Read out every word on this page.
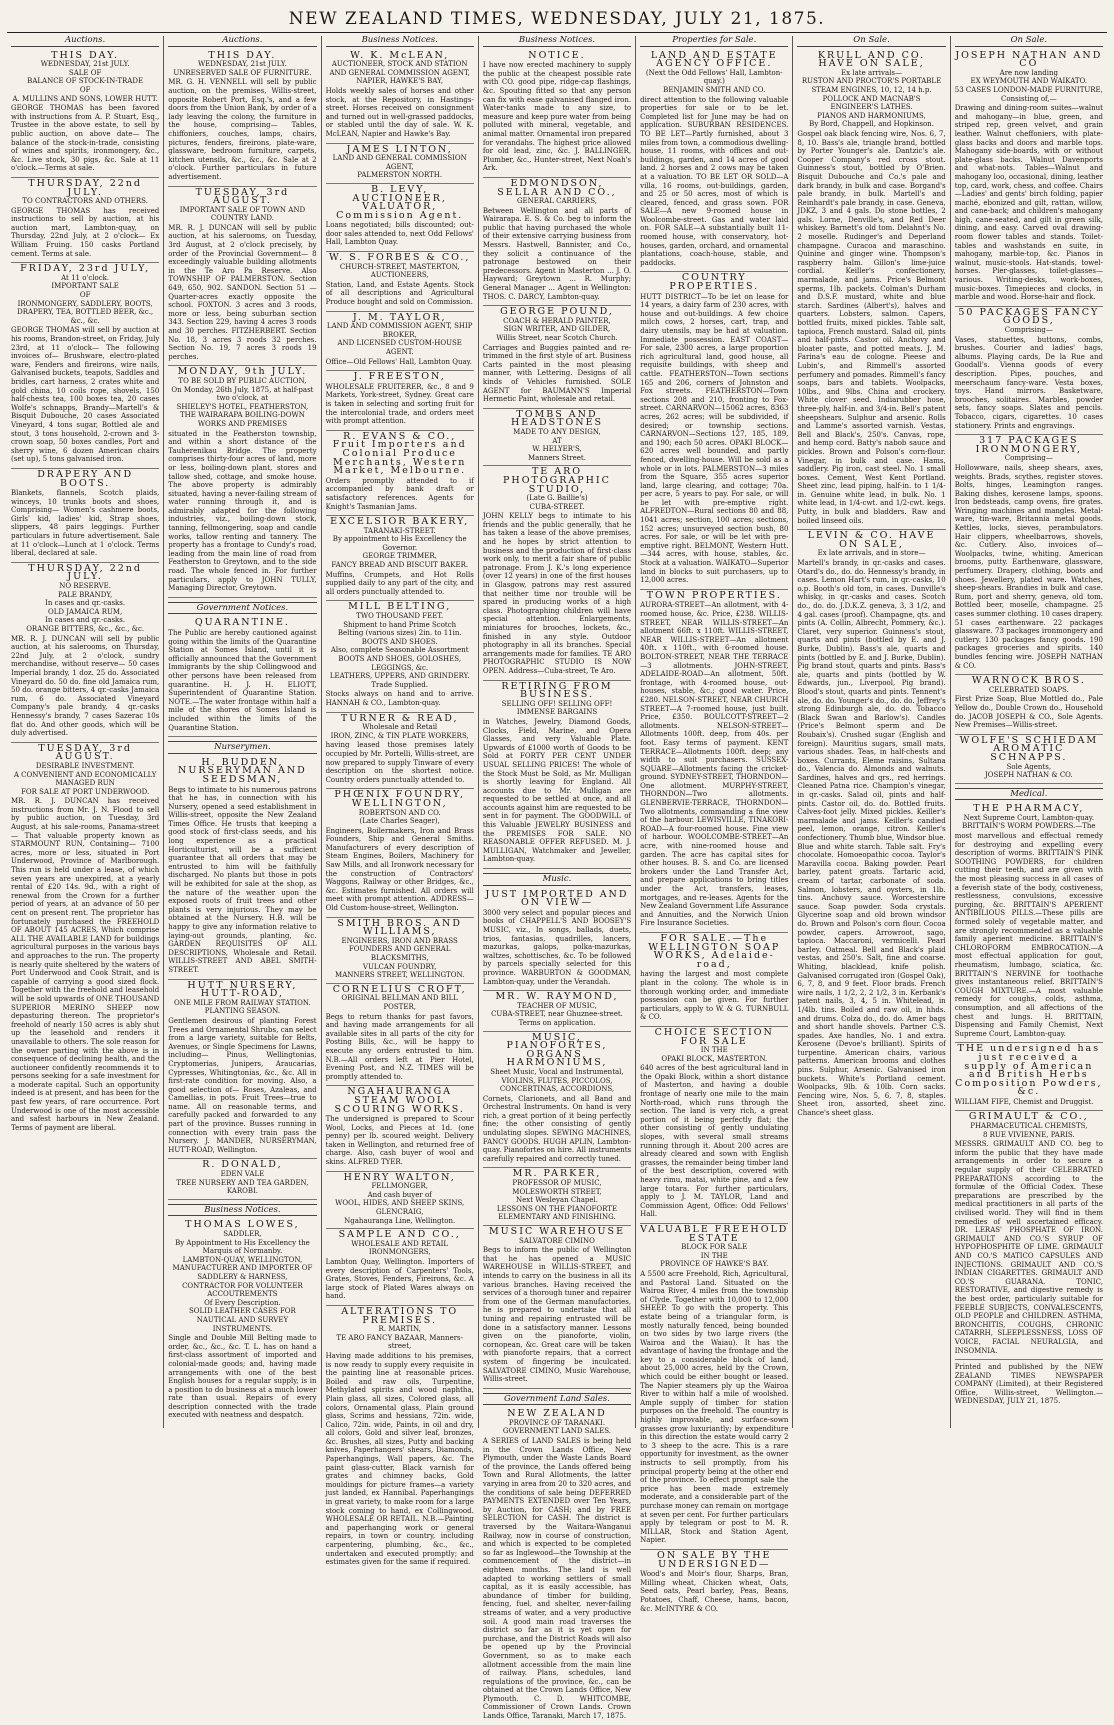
NEW ZEALAND TIMES, WEDNESDAY, JULY 21, 1875.
Auctions.
THIS DAY.
WEDNESDAY, 21st JULY.
SALE OF
BALANCE OF STOCK-IN-TRADE
OF
A. MULLINS AND SONS, LOWER HUTT.

GEORGE THOMAS has been favored with instructions from A. P. Stuart, Esq., Trustee in the above estate, to sell by public auction, on above date— The balance of the stock-in-trade, consisting of wines and spirits, ironmongery, &c., &c. Live stock, 30 pigs, &c. Sale at 11 o'clock.—Terms at sale.

THURSDAY, 22nd JULY.
TO CONTRACTORS AND OTHERS.

GEORGE THOMAS has received instructions to sell by auction, at his auction mart, Lambton-quay, on Thursday, 22nd July, at 2 o'clock— Ex William Fruing. 150 casks Portland cement. Terms at sale.

FRIDAY, 23rd JULY,
At 11 o'clock.
IMPORTANT SALE
OF
IRONMONGERY, SADDLERY, BOOTS, DRAPERY, TEA, BOTTLED BEER, &c., &c., &c.

GEORGE THOMAS will sell by auction at his rooms, Brandon-street, on Friday, July 23rd, at 11 o'clock— The following invoices of— Brushware, electro-plated ware, Fenders and fireirons, wire nails, Galvanised buckets, teapots, Saddles and bridles, cart harness, 2 crates white and gold china, 10 coils rope, shovels, 150 half-chests tea, 100 boxes tea, 20 cases Wolfe's schnapps, Brandy—Martell's & Bisquit Dubouche, 20 cases Associated Vineyard, 4 tons sugar, Bottled ale and stout, 3 tons household, 2-crown and 3-crown soap, 50 boxes candles, Port and sherry wine, 6 dozen American chairs (set up), 5 tons galvanised iron.

DRAPERY AND BOOTS.

Blankets, flannels, Scotch plaids, winceys, 10 trunks boots and shoes, Comprising— Women's cashmere boots, Girls' kid, ladies' kid, Strap shoes, slippers, 48 pairs leggings. Further particulars in future advertisement. Sale at 11 o'clock—Lunch at 1 o'clock. Terms liberal, declared at sale.

THURSDAY, 22nd JULY.
NO RESERVE.
PALE BRANDY,
In cases and qr.-casks.
OLD JAMAICA RUM,
In cases and qr.-casks.
ORANGE BITTERS, &c., &c., &c.

MR. R. J. DUNCAN will sell by public auction, at his salerooms, on Thursday, 22nd July, at 2 o'clock, sundry merchandise, without reserve— 50 cases Imperial brandy, 1 doz. 25 do. Associated Vineyard do. 50 do. fine old Jamaica rum, 50 do. orange bitters, 4 qr.-casks Jamaica rum, 6 do. Associated Vineyard Company's pale brandy, 4 qr.-casks Hennessy's brandy, 7 cases Sazerac 10s flat do. And other goods, which will be duly advertised.

TUESDAY, 3rd AUGUST.
DESIRABLE INVESTMENT.
A CONVENIENT AND ECONOMICALLY MANAGED RUN
FOR SALE AT PORT UNDERWOOD.

MR. R. J. DUNCAN has received instructions from Mr. J. N. Flood to sell by public auction, on Tuesday, 3rd August, at his sale-rooms, Panama-street— That valuable property known as STARMOUNT RUN, Containing— 7100 acres, more or less, situated in Port Underwood, Province of Marlborough. This run is held under a lease, of which seven years are unexpired, at a yearly rental of £20 14s. 9d., with a right of renewal from the Crown for a further period of years, at an advance of 50 per cent on present rent. The proprietor has fortunately purchased the FREEHOLD OF ABOUT 145 ACRES, Which comprise ALL THE AVAILABLE LAND for buildings agricultural purposes in the various bays and approaches to the run. The property is nearly quite sheltered by the waters of Port Underwood and Cook Strait, and is capable of carrying a good sized flock. Together with the freehold and leasehold will be sold upwards of ONE THOUSAND SUPERIOR MERINO SHEEP now depasturing thereon. The proprietor's freehold of nearly 150 acres is ably shut up the leasehold and renders it unavailable to others. The sole reason for the owner parting with the above is in consequence of declining health, and the auctioneer confidently recommends it to persons seeking for a safe investment for a moderate capital. Such an opportunity indeed is at present, and has been for the past few years, of rare occurrence. Port Underwood is one of the most accessible and safest harbours in New Zealand. Terms of payment are liberal.

Auctions.
THIS DAY.
WEDNESDAY, 21st JULY.
UNRESERVED SALE OF FURNITURE.

MR. G. H. VENNELL will sell by public auction, on the premises, Willis-street, opposite Robert Port, Esq.'s, and a few doors from the Union Bank, by order of a lady leaving the colony, the furniture in the house, comprising— Tables, chiffoniers, couches, lamps, chairs, pictures, fenders, fireirons, plate-ware, glassware, bedroom furniture, carpets, kitchen utensils, &c., &c., &c. Sale at 2 o'clock. Further particulars in future advertisement.

TUESDAY, 3rd AUGUST.
IMPORTANT SALE OF TOWN AND COUNTRY LAND.

MR. R. J. DUNCAN will sell by public auction, at his salerooms, on Tuesday, 3rd August, at 2 o'clock precisely, by order of the Provincial Government— 8 exceedingly valuable building allotments in the Te Aro Pa Reserve. Also TOWNSHIP OF PALMERSTON. Section 649, 650, 902. SANDON. Section 51 — Quarter-acres exactly opposite the school. FOXTON. 3 acres and 3 roods, more or less, being suburban section 343. Section 229, having 4 acres 3 roods and 30 perches. FITZHERBERT. Section No. 18, 3 acres 3 roods 32 perches. Section No. 19, 7 acres 3 roods 19 perches.

MONDAY, 9th JULY.
TO BE SOLD BY PUBLIC AUCTION,
On Monday, 26th July, 1875, at half-past two o'clock, at
SHIELEY'S HOTEL, FEATHERSTON,
THE WAIRARAPA BOILING-DOWN WORKS AND PREMISES

situated in the Featherston township, and within a short distance of the Tauherenikau Bridge. The property comprises thirty-four acres of land, more or less, boiling-down plant, stores and tallow shed, cottage, and smoke house. The above property is admirably situated, having a never-failing stream of water running through it, and is admirably adapted for the following industries, viz., boiling-down stock, tanning, fellmongering, soap and candle works, tallow renting and tannery. The property has a frontage to Cundy's road, leading from the main line of road from Featherston to Greytown, and to the side road. The whole fenced in. For further particulars, apply to JOHN TULLY, Managing Director, Greytown.

Government Notices.
QUARANTINE.

The Public are hereby cautioned against going within the limits of the Quarantine Station at Somes Island, until it is officially announced that the Government Immigrants by the ship Collingwood and other persons have been released from quarantine. H. J. H. ELIOTT, Superintendent of Quarantine Station. NOTE.—The water frontage within half a mile of the shores of Somes Island is included within the limits of the Quarantine Station.

Nurserymen.
H. BUDDEN, NURSERYMAN AND SEEDSMAN,

Begs to intimate to his numerous patrons that he has, in connection with his Nursery, opened a seed establishment in Willis-street, opposite the New Zealand Times Office. He trusts that keeping a good stock of first-class seeds, and his long experience as a practical Horticulturist, will be a sufficient guarantee that all orders that may be entrusted to him will be faithfully discharged. No plants but those in pots will be exhibited for sale at the shop, as the nature of the weather upon the exposed roots of fruit trees and other plants is very injurious. They may be obtained at the Nursery. H.B. will be happy to give any information relative to laying-out grounds, planting, &c. GARDEN REQUISITES OF ALL DESCRIPTIONS, Wholesale and Retail. WILLIS-STREET AND ABEL SMITH-STREET.

HUTT NURSERY, HUTT-ROAD,
ONE MILE FROM RAILWAY STATION.
PLANTING SEASON.

Gentlemen desirous of planting Forest Trees and Ornamental Shrubs, can select from a large variety, suitable for Belts, Avenues, or Single Specimens for Lawns, including— Pinus, Wellingtonias, Cryptomerias, Junipers, Araucarias, Cypresses, Whitingtonias, &c., &c. All in first-rate condition for moving. Also, a good selection of— Roses, Azaleas, and Camellias, in pots. Fruit Trees—true to name. All on reasonable terms, and carefully packed and forwarded to any part of the province. Busses running in connection with every train pass the Nursery. J. MANDER, NURSERYMAN, HUTT-ROAD, Wellington.

R. DONALD,
EDEN VALE
TREE NURSERY AND TEA GARDEN, KAROBI.
Business Notices.
THOMAS LOWES,
SADDLER,
By Appointment to His Excellency the Marquis of Normanby.
LAMBTON-QUAY, WELLINGTON,
MANUFACTURER AND IMPORTER OF SADDLERY & HARNESS,
CONTRACTOR FOR VOLUNTEER ACCOUTREMENTS
Of Every Description.
SOLID LEATHER CASES FOR NAUTICAL AND SURVEY INSTRUMENTS.

Single and Double Mill Belting made to order, &c., &c., &c. T. L. has on hand a first-class assortment of imported and colonial-made goods; and, having made arrangements with one of the best English houses for a regular supply, is in a position to do business at a much lower rate than usual. Repairs of every description connected with the trade executed with neatness and despatch.

Business Notices.
W. K. McLEAN,
AUCTIONEER, STOCK AND STATION AND GENERAL COMMISSION AGENT,
NAPIER, HAWKE'S BAY,

Holds weekly sales of horses and other stock, at the Repository, in Hastings-street. Horses received on consignment and turned out in well-grassed paddocks, or stabled until the day of sale. W. K. McLEAN, Napier and Hawke's Bay.

JAMES LINTON,
LAND AND GENERAL COMMISSION AGENT,
PALMERSTON NORTH.
B. LEVY, AUCTIONEER, VALUATOR, Commission Agent.

Loans negotiated; bills discounted; out-door sales attended to, next Odd Fellows' Hall, Lambton Quay.

W. S. FORBES & CO.,
CHURCH-STREET, MASTERTON,
AUCTIONEERS,

Station, Land, and Estate Agents. Stock of all descriptions and Agricultural Produce bought and sold on Commission.

J. M. TAYLOR,
LAND AND COMMISSION AGENT, SHIP BROKER,
AND LICENSED CUSTOM-HOUSE AGENT.

Office—Old Fellows' Hall, Lambton Quay.

J. FREESTON,

WHOLESALE FRUITERER, &c., 8 and 9 Markets, York-street, Sydney. Great care is taken in selecting and sorting fruit for the intercolonial trade, and orders meet with prompt attention.

R. EVANS & CO., Fruit Importers and Colonial Produce Merchants, Western Market, Melbourne.

Orders promptly attended to if accompanied by bank draft or satisfactory references. Agents for Knight's Tasmanian Jams.

EXCELSIOR BAKERY,
TARANAKI-STREET.
By appointment to His Excellency the Governor.
GEORGE TRIMMER,
FANCY BREAD AND BISCUIT BAKER.

Muffins, Crumpets, and Hot Rolls supplied daily to any part of the city, and all orders punctually attended to.

MILL BELTING,
TWO THOUSAND FEET.
Shipment to hand Prime Scotch
Belting (various sizes) 2in. to 11in.
BOOTS AND SHOES.
Also, complete Seasonable Assortment
BOOTS AND SHOES, GOLOSHES, LEGGINGS, &c.
LEATHERS, UPPERS, AND GRINDERY. Trade Supplied.

Stocks always on hand and to arrive. HANNAH & CO., Lambton-quay.

TURNER & READ,
Wholesale and Retail
IRON, ZINC, & TIN PLATE WORKERS,

having leased those premises lately occupied by Mr. Portelli, Willis-street, are now prepared to supply Tinware of every description on the shortest notice. Country orders punctually attended to.

PHŒNIX FOUNDRY, WELLINGTON,
ROBERTSON AND CO.
(Late Charles Seager),

Engineers, Boilermakers, Iron and Brass Founders, Ship and General Smiths. Manufacturers of every description of Steam Engines, Boilers, Machinery for Saw Mills, and all Ironwork necessary for the construction of Contractors' Waggons, Railway or other Bridges, &c., &c. Estimates furnished. All orders will meet with prompt attention. ADDRESS—Old Custom-house-street, Wellington.

SMITH BROS. AND WILLIAMS,
ENGINEERS, IRON AND BRASS FOUNDERS AND GENERAL BLACKSMITHS,
VULCAN FOUNDRY,
MANNERS STREET, WELLINGTON.
CORNELIUS CROFT,
ORIGINAL BELLMAN AND BILL POSTER,

Begs to return thanks for past favors, and having made arrangements for all available sites in all parts of the city for Posting Bills, &c., will be happy to execute any orders entrusted to him. N.B.—All orders left at Pier Hotel, Evening Post, and N.Z. TIMES will be promptly attended to.

NGAHAURANGA STEAM WOOL SCOURING WORKS.

The undersigned is prepared to Scour Wool, Locks, and Pieces at 1d. (one penny) per lb. scoured weight. Delivery taken in Wellington, and returned free of charge. Also, cash buyer of wool and skins. ALFRED TYER.

HENRY WALTON,
FELLMONGER,
And cash buyer of
WOOL, HIDES, AND SHEEP SKINS,
GLENCRAIG,
Ngahauranga Line, Wellington.
SAMPLE AND CO.,
WHOLESALE AND RETAIL IRONMONGERS,

Lambton Quay, Wellington. Importers of every description of Carpenters' Tools, Grates, Stoves, Fenders, Fireirons, &c. A large stock of Plated Wares always on hand.

ALTERATIONS TO PREMISES.
R. MARTIN,
TE ARO FANCY BAZAAR, Manners-street,

Having made additions to his premises, is now ready to supply every requisite in the painting line at reasonable prices. Boiled and raw oils, Turpentine, Methylated spirits and wood naphtha, Plain glass, all sizes, Colored glass, all colors, Ornamental glass, Plain ground glass, Scrims and hessians, 72in. wide, Calico, 72in. wide, Paints, in oil and dry, all colors, Gold and silver leaf, bronzes, &c. Brushes, all sizes, Putty and backing knives, Paperhangers' shears, Diamonds, Paperhangings, Wall papers, &c. The paint glass-cutter, Black varnish for grates and chimney backs, Gold mouldings for picture frames—a variety just landed, ex Hannibal. Paperhangings in great variety, to make room for a large stock coming to hand, ex Collingwood. WHOLESALE OR RETAIL. N.B.—Painting and paperhanging work or general repairs, in town or country, including carpentering, plumbing, &c., &c., undertaken and executed promptly; and estimates given for the same if required.

Business Notices.
NOTICE.

I have now erected machinery to supply the public at the cheapest possible rate with CO. good pipe, ridge-cap flashings, &c. Spouting fitted so that any person can fix with ease galvanised flanged iron. Water-tanks made to any size, to measure and keep pure water from being polluted with mineral, vegetable, and animal matter. Ornamental iron prepared for verandahs. The highest price allowed for old lead, zinc, &c. J. BALLINGER, Plumber, &c., Hunter-street, Next Noah's Ark.

EDMONDSON, SELLAR AND CO.,
GENERAL CARRIERS,

Between Wellington and all parts of Wairarapa. E. S. & Co. beg to inform the public that having purchased the whole of their extensive carrying business from Messrs. Hastwell, Bannister, and Co., they solicit a continuance of the patronage bestowed on their predecessors. Agent in Masterton ... J. O. Hayward; Greytown ... R. Murphy; General Manager ... Agent in Wellington: THOS. C. DARCY, Lambton-quay.

GEORGE POUND,
COACH & HERALD PAINTER,
SIGN WRITER, AND GILDER,
Willis Street, near Scotch Church.

Carriages and Buggies painted and re-trimmed in the first style of art. Business Carts painted in the most pleasing manner, with Lettering. Designs of all kinds of Vehicles furnished. SOLE AGENT for BAUMANN'S Imperial Hermetic Paint, wholesale and retail.

TOMBS AND HEADSTONES
MADE TO ANY DESIGN,
AT
W. HELYER'S,
Manners Street.
TE ARO PHOTOGRAPHIC STUDIO,
(Late G. Baillie's)
CUBA-STREET.

JOHN KELLY begs to intimate to his friends and the public generally, that he has taken a lease of the above premises, and he hopes by strict attention to business and the production of first-class work only, to merit a fair share of public patronage. From J. K.'s long experience (over 12 years) in one of the first houses in Glasgow, patrons may rest assured that neither time nor trouble will be spared in producing works of a high class. Photographing children will have special attention. Enlargements, miniatures for brooches, lockets, &c., finished in any style. Outdoor photography in all its branches. Special arrangements made for families. TE ARO PHOTOGRAPHIC STUDIO IS NOW OPEN. Address—Cuba-street, Te Aro.

RETIRING FROM BUSINESS.
SELLING OFF! SELLING OFF!
IMMENSE BARGAINS

in Watches, Jewelry, Diamond Goods, Clocks, Field, Marine, and Opera Glasses, and very Valuable Plate. Upwards of £1000 worth of Goods to be Sold at FORTY PER CENT UNDER USUAL SELLING PRICES! The whole of the Stock Must be Sold, as Mr. Mulligan is shortly leaving for England. All accounts due to Mr. Mulligan are requested to be settled at once, and all accounts against him are requested to be sent in for payment. The GOODWILL of this Valuable JEWELRY BUSINESS and the PREMISES FOR SALE. NO REASONABLE OFFER REFUSED. M. J. MULLIGAN, Watchmaker and Jeweller, Lambton-quay.

Music.
JUST IMPORTED AND ON VIEW—

3000 very select and popular pieces and books of CHAPPELL'S AND BOOSEY'S MUSIC, viz., In songs, ballads, duets, trios, fantasias, quadrilles, lancers, mazurkas, galops, polka-mazurkas, waltzes, schottisches, &c. To be followed by parcels specially selected for this province. WARBURTON & GOODMAN, Lambton-quay, under the Verandah.

MR. W. RAYMOND,
TEACHER OF MUSIC,
CUBA-STREET, near Ghuznee-street.
Terms on application.
MUSIC, PIANOFORTES, ORGANS, HARMONIUMS,
Sheet Music, Vocal and Instrumental,
VIOLINS, FLUTES, PICCOLOS, CONCERTINAS, ACCORDIONS,

Cornets, Clarionets, and all Band and Orchestral Instruments. On hand is very rich, a great portion of it being perfectly fine; the other consisting of gently undulating slopes. SEWING MACHINES, FANCY GOODS. HUGH APLIN, Lambton-quay. Pianofortes on hire. All instruments carefully repaired and correctly tuned.

MR. PARKER,
PROFESSOR OF MUSIC,
MOLESWORTH STREET,
Next Wesleyan Chapel.
LESSONS ON THE PIANOFORTE
ELEMENTARY AND FINISHING.
MUSIC WAREHOUSE
SALVATORE CIMINO

Begs to inform the public of Wellington that he has opened a MUSIC WAREHOUSE in WILLIS-STREET, and intends to carry on the business in all its various branches. Having received the services of a thorough tuner and repairer from one of the German manufactories, he is prepared to undertake that all tuning and repairing entrusted will be done in a satisfactory manner. Lessons given on the pianoforte, violin, cornopean, &c. Great care will be taken with pianoforte repairs, that a correct system of fingering be inculcated. SALVATORE CIMINO, Music Warehouse, Willis-street.

Government Land Sales.
NEW ZEALAND
PROVINCE OF TARANAKI.
GOVERNMENT LAND SALES.

A SERIES of LAND SALES is being held in the Crown Lands Office, New Plymouth, under the Waste Lands Board of the province, the Lands offered being Town and Rural Allotments, the latter varying in area from 20 to 320 acres, and the conditions of sale being DEFERRED PAYMENTS EXTENDED over Ten Years, by Auction, for CASH; and by FREE SELECTION for CASH. The district is traversed by the Waitara-Wanganui Railway, now in course of construction, and which is expected to be completed so far as Inglewood—the Township at the commencement of the district—in eighteen months. The land is well adapted to working settlers of small capital, as it is easily accessible, has abundance of timber for building, fencing, fuel, and shelter, never-failing streams of water, and a very productive soil. A good main road traverses the district so far as it is yet open for purchase, and the District Roads will also be opened up by the Provincial Government, so as to make each allotment accessible from the main line of railway. Plans, schedules, land regulations of the province, &c., can be obtained at the Crown Lands Office, New Plymouth. C. D. WHITCOMBE, Commissioner of Crown Lands. Crown Lands Office, Taranaki, March 17, 1875.

Properties for Sale.
LAND AND ESTATE AGENCY OFFICE.
(Next the Odd Fellows' Hall, Lambton-quay.)
BENJAMIN SMITH AND CO.

direct attention to the following valuable properties for sale or to be let. Completed list for June may be had on application. SUBURBAN RESIDENCES. TO BE LET—Partly furnished, about 3 miles from town, a commodious dwelling-house, 11 rooms, with offices and out-buildings, garden, and 14 acres of good land. 2 horses and 2 cows may be taken at a valuation. TO BE LET OR SOLD—A villa, 16 rooms, out-buildings, garden, and 25 or 50 acres, most of which is cleared, fenced, and grass sown. FOR SALE—A new 9-roomed house in Woolcombe-street. Gas and water laid on. FOR SALE—A substantially built 11-roomed house, with conservatory, hot-houses, garden, orchard, and ornamental plantations, coach-house, stable, and paddocks.

COUNTRY PROPERTIES.

HUTT DISTRICT—To be let on lease for 14 years, a dairy farm of 230 acres, with house and out-buildings. A few choice milch cows, 2 horses, cart, trap, and dairy utensils, may be had at valuation. Immediate possession. EAST COAST—For sale, 2300 acres, a large proportion rich agricultural land, good house, all requisite buildings, with sheep and cattle. FEATHERSTON—Town sections 165 and 206, corners of Johnston and Fox streets. FEATHERSTON—Town sections 208 and 210, fronting to Fox-street. CARNARVON—15062 acres, 8363 acres, 262 acres; will be subdivided, if desired; or township sections. CARNARVON—Sections 127, 185, 189, and 190; each 50 acres. OPAKI BLOCK—620 acres well bounded, and partly fenced, dwelling-house. Will be sold as a whole or in lots. PALMERSTON—3 miles from the Square, 355 acres superior land, large clearing, and cottage; 70a. per acre, 5 years to pay. For sale, or will be let with pre-emptive right. ALFREDTON—Rural sections 80 and 88, 1041 acres; section, 100 acres; sections, 152 acres; unsurveyed section bush, 80 acres. For sale, or will be let with pre-emptive right. BELMONT, Western Hutt.—344 acres, with house, stables, &c. Stock at a valuation. WAIKATO—Superior land in blocks to suit purchasers, up to 12,000 acres.

TOWN PROPERTIES.

AURORA-STREET—An allotment, with 4-roomed house, &c. Price, £238. WILLIS-STREET, NEAR WILLIS-STREET—An allotment 66ft. x 110ft. WILLIS-STREET, NEAR WILLIS-STREET—An allotment 40ft. x 110ft., with 6-roomed house. BOLTON-STREET, NEAR THE TERRACE—3 allotments. JOHN-STREET, ADELAIDE-ROAD—An allotment, 50ft. frontage, with 4-roomed house, out-houses, stable, &c.; good water. Price, £280. NELSON-STREET, NEAR CHURCH STREET—A 7-roomed house, just built. Price, £350. BOULCOTT-STREET—2 allotments. NELSON-STREET—Allotments 100ft. deep, from 40s. per foot. Easy terms of payment. KENT TERRACE—Allotments 100ft. deep; any width to suit purchasers. SUSSEX-SQUARE—Allotments facing the cricket-ground. SYDNEY-STREET, THORNDON—One allotment. MURPHY-STREET, THORNDON—Two allotments. GLENBERVIE-TERRACE, THORNDON—Two allotments, commanding a fine view of the harbour. LEWISVILLE, TINAKORI-ROAD—A four-roomed house. Fine view of harbour. WOOLCOMBE-STREET—An acre, with nine-roomed house and garden. The acre has capital sites for other houses. B. S. and Co. are licensed brokers under the Land Transfer Act, and prepare applications to bring titles under the Act, transfers, leases, mortgages, and re-leases. Agents for the New Zealand Government Life Assurance and Annuities, and the Norwich Union Fire Insurance Societies.

FOR SALE.—The WELLINGTON SOAP WORKS, Adelaide-road,

having the largest and most complete plant in the colony. The whole is in thorough working order, and immediate possession can be given. For further particulars, apply to W. & G. TURNBULL & CO.

CHOICE SECTION FOR SALE
IN THE
OPAKI BLOCK, MASTERTON.

640 acres of the best agricultural land in the Opaki Block, within a short distance of Masterton, and having a double frontage of nearly one mile to the main North-road, which runs through the section. The land is very rich, a great portion of it being perfectly flat; the other consisting of gently undulating slopes, with several small streams running through it. About 200 acres are already cleared and sown with English grasses, the remainder being timber land of the best description, covered with heavy rimu, matai, white pine, and a few large totara. For further particulars, apply to J. M. TAYLOR, Land and Commission Agent, Office: Odd Fellows' Hall.

VALUABLE FREEHOLD ESTATE
BLOCK FOR SALE
IN THE
PROVINCE OF HAWKE'S BAY.

A 5500 acre Freehold, Rich, Agricultural, and Pastoral Land. Situated on the Wairoa River, 4 miles from the township of Clyde. Together with 10,000 to 12,000 SHEEP. To go with the property. This estate being of a triangular form, is mostly naturally fenced, being bounded on two sides by two large rivers (the Wairoa and the Waiau). It has the advantage of having the frontage and the key to a considerable block of land, about 25,000 acres, held by the Crown, which could be either bought or leased. The Napier steamers ply up the Wairoa River to within half a mile of woolshed. Ample supply of timber for station purposes on the freehold. The country is highly improvable, and surface-sown grasses grow luxuriantly; by expenditure in this direction the estate would carry 2 to 3 sheep to the acre. This is a rare opportunity for investment, as the owner instructs to sell promptly, from his principal property being at the other end of the province. To effect prompt sale the price has been made extremely moderate, and a considerable part of the purchase money can remain on mortgage at seven per cent. For further particulars apply by telegram or post to M. R. MILLAR, Stock and Station Agent, Napier.

ON SALE BY THE UNDERSIGNED—

Wood's and Moir's flour, Sharps, Bran, Milling wheat, Chicken wheat, Oats, Seed oats, Pearl barley, Peas, Beans, Potatoes, Chaff, Cheese, hams, bacon, &c. McINTYRE & CO.

On Sale.
KRULL AND CO. HAVE ON SALE,
Ex late arrivals—
RUSTON AND PROCTOR'S PORTABLE
STEAM ENGINES, 10, 12, 14 h.p.
POLLOCK AND MACNAB'S
ENGINEER'S LATHES.
PIANOS AND HARMONIUMS,
By Bord, Chappell, and Hopkinson.

Gospel oak black fencing wire, Nos. 6, 7, 8, 10. Bass's ale, triangle brand, bottled by Porter Younger's ale. Dantzic's ale. Cooper Company's red cross stout. Guinness's stout, bottled by O'Brien. Bisquit Dubouche and Co.'s pale and dark brandy, in bulk and case. Borgand's pale brandy, in bulk. Martell's and Reinhardt's pale brandy, in case. Geneva, JDKZ, 3 and 4 gals. Do stone bottles, 2 gals. Lorne, Denville's, and Red Deer whiskey. Barnett's old tom. Delahnt's No. 2 moselle. Rudinger's and Deperland champagne. Curacoa and maraschino. Quinine and ginger wine. Thompson's raspberry balm. Gillon's lime-juice cordial. Keiller's confectionery, marmalade, and jams. Price's Belmont sperms, 1lb. packets. Colman's Durham and D.S.F. mustard, white and blue starch. Sardines (Albert's), halves and quarters. Lobsters, salmon. Capers, bottled fruits, mixed pickles. Table salt, tapioca, French mustard. Salad oil, pints and half-pints. Castor oil. Anchovy and bloater paste, and potted meats. J. M. Farina's eau de cologne. Pieese and Lubin's, and Rimmell's assorted perfumery and pomades. Rimmell's fancy soaps, bars and tablets. Woolpacks, 10lbs., and 9lbs. China and crockery. White clover seed. Indiarubber hose, three-ply, half-in. and 3/4-in. Bell's patent sheepshears. Sulphur and arsenic. Rolls and Lamme's assorted varnish. Vestas, Bell and Black's, 250's. Canvas, rope, and hemp cord. Batty's nabob sauce and pickles. Brown and Polson's corn-flour. Vinegar, in bulk and case. Hams, saddlery. Pig iron, cast steel. No. 1 small boxes. Cement, West Kent Portland. Sheet zinc, lead piping, half-in. to 1 1/4-in. Genuine white lead, in bulk. No. 1 white lead, in 1/4-cwt. and 1/2-cwt. kegs. Putty, in bulk and bladders. Raw and boiled linseed oils.

LEVIN & CO. HAVE ON SALE,
Ex late arrivals, and in store—

Martell's brandy, in qr.-casks and cases. Otard's do., do. do. Hennessy's brandy, in cases. Lemon Hart's rum, in qr.-casks, 10 o.p. Booth's old tom, in cases. Dunville's whisky, in qr.-casks and cases. Scotch do., do. do. J.D.K.Z. geneva, 3, 3 1/2, and 4 gal. cases (proof). Champagne, qts. and pints (A. Collin, Albrecht, Pommery, &c.). Claret, very superior. Guinness's stout, quarts and pints (bottled by E. and J. Burke, Dublin). Bass's ale, quarts and pints (bottled by E. and J. Burke, Dublin). Pig brand stout, quarts and pints. Bass's ale, quarts and pints (bottled by W. Edwards, jun., Liverpool, Pig brand). Blood's stout, quarts and pints. Tennent's ale, do. do. Younger's do., do. do. Jeffrey's strong Edinburgh ale, do. do. Tobacco (Black Swan and Barlow's). Candles (Price's Belmont sperm and De Roubaix's). Crushed sugar (English and foreign). Mauritius sugars, small mats, various shades. Teas, in half-chests and boxes. Currants, Eleme raisins, Sultana do., Valencia do. Almonds and walnuts. Sardines, halves and qrs., red herrings. Cleaned Patna rice. Champion's vinegar, in qr.-casks. Salad oil, pints and half-pints. Castor oil, do. do. Bottled fruits. Calves-foot jelly. Mixed pickles. Keiller's marmalade and jams. Keiller's candied peel, lemon, orange, citron. Keiller's confectionery. Thumb blue, Windsor blue. Blue and white starch. Table salt. Fry's chocolate. Homoeopathic cocoa. Taylor's Maravilla cocoa. Baking powder. Pearl barley, patent groats. Tartaric acid, cream of tartar, carbonate of soda. Salmon, lobsters, and oysters, in 1lb. tins. Anchovy sauce. Worcestershire sauce. Soap powder. Soda crystals. Glycerine soap and old brown windsor do. Brown and Polson's corn flour. Cocoa powder, capers. Arrowroot, sago, tapioca. Maccaroni, vermicelli. Pearl barley. Oatmeal. Bell and Black's plaid vestas, and 250's. Salt, fine and coarse. Whiting, blacklead, knife polish. Galvanised corrugated iron (Gospel Oak), 6, 7, 8, and 9 feet. Floor brads. French wire nails, 1 1/2, 2, 2 1/2, 3 in. Kerbank's patent nails, 3, 4, 5 in. Whitelead, in 1/4lb. tins. Boiled and raw oil, in hhds. and drums. Colza do., do. do. Amer bags and short handle shovels. Partner C.S. spades. Axe handles, No. 1 and extra. Kerosene (Devoe's brilliant). Spirits of turpentine. American chairs, various patterns. American brooms and clothes pins. Sulphur, Arsenic. Galvanised iron buckets. White's Portland cement. Woolpacks, 9lb. & 10lb. Corn sacks. Fencing wire, Nos. 5, 6, 7, 8, staples. Sheet iron, assorted, sheet zinc. Chance's sheet glass.

On Sale.
JOSEPH NATHAN AND CO
Are now landing
EX WEYMOUTH AND WAIKATO.
53 CASES LONDON-MADE FURNITURE,
Consisting of,—

Drawing and dining-room suites—walnut and mahogany—in blue, green, and striped rep, green velvet, and grain leather. Walnut cheffoniers, with plate-glass backs and doors and marble tops. Mahogany side-boards, with or without plate-glass backs. Walnut Davenports and what-nots. Tables—Walnut and mahogany loo, occasional, dining, leather top, card, work, chess, and coffee. Chairs—Ladies' and gents' birch folding, papier maché, ebonized and gilt, rattan, willow, and cane-back; and children's mahogany high, cane-seated, and gilt in green silk, dining, and easy. Carved oval drawing-room flower tables and stands. Toilet-tables and washstands en suite, in mahogany, marble-top, &c. Pianos in walnut, music-stools. Hat-stands, towel-horses. Pier-glasses, toilet-glasses—various. Writing-desks, work-boxes, music-boxes. Timepieces and clocks, in marble and wood. Horse-hair and flock.

50 PACKAGES FANCY GOODS,
Comprising—

Vases, statuettes, buttons, combs, brushes. Courier and ladies' bags, albums. Playing cards, De la Rue and Goodall's. Vienna goods of every description. Pipes, pouches, and meerschaum fancy-ware. Vesta boxes, toys. Hand mirrors. Basketware, brooches, solitaires. Marbles, powder sets, fancy soaps. Slates and pencils. Tobacco, cigars, cigarettes. 10 cases stationery. Prints and engravings.

317 PACKAGES IRONMONGERY,
Comprising—

Hollowware, nails, sheep shears, axes, weights. Brads, scythes, register stoves. Bolts, hinges, Leamington ranges. Baking dishes, kerosene lamps, spoons. Iron bedsteads, camp ovens, fire grates. Wringing machines and mangles. Metal-ware, tin-ware, Britannia metal goods. Kettles, locks, sieves, perambulators. Hair clippers, wheelbarrows, shovels, &c. Cutlery. Also, invoices of— Woolpacks, twine, whiting. American brooms, putty. Earthenware, glassware, perfumery. Drapery, clothing, boots and shoes. Jewellery, plated ware. Watches, sheep-shears. Brandies in bulk and case. Rum, port and sherry, geneva, old tom. Bottled beer, moselle, champagne. 25 cases summer clothing. 10 cases drapery. 51 cases earthenware. 22 packages glassware. 73 packages ironmongery and cutlery. 130 packages fancy goods. 190 packages groceries and spirits. 140 bundles fencing wire. JOSEPH NATHAN & CO.

WARNOCK BROS.
CELEBRATED SOAPS.

First Prize Soap, Blue Mottled do., Pale Yellow do., Double Crown do., Household do. JACOB JOSEPH & CO., Sole Agents. New Premises—Willis-street.

WOLFE'S SCHIEDAM AROMATIC SCHNAPPS.
Sole Agents,
JOSEPH NATHAN & CO.
Medical.
THE PHARMACY,
Next Supreme Court, Lambton-quay.
BRITTAIN'S WORM POWDERS.—The

most marvellous and effectual remedy for destroying and expelling every description of worms. BRITTAIN'S PINK SOOTHING POWDERS, for children cutting their teeth, and are given with the most pleasing success in all cases of a feverish state of the body, costiveness, restlessness, convulsions, excessive purging, &c. BRITTAIN'S APERIENT ANTIBILIOUS PILLS.—These pills are formed solely of vegetable matter, and are strongly recommended as a valuable family aperient medicine. BRITTAIN'S CHLOROFORM EMBROCATION.—A most effectual application for gout, rheumatism, lumbago, sciatica, &c. BRITTAIN'S NERVINE for toothache gives instantaneous relief. BRITTAIN'S COUGH MIXTURE.—A most valuable remedy for coughs, colds, asthma, consumption, and all affections of the chest and lungs. H. BRITTAIN, Dispensing and Family Chemist, Next Supreme Court, Lambton-quay.

THE undersigned has just received a supply of American and British Herbs Composition Powders, &c.

WILLIAM FIFE, Chemist and Druggist.

GRIMAULT & CO.,
PHARMACEUTICAL CHEMISTS,
8 RUE VIVIENNE, PARIS.

MESSRS. GRIMAULT AND CO. beg to inform the public that they have made arrangements in order to secure a regular supply of their CELEBRATED PREPARATIONS according to the formulæ of the Official Codex. These preparations are prescribed by the medical practitioners in all parts of the civilised world. They will find in them remedies of well ascertained efficacy. DR. LERAS' PHOSPHATE OF IRON. GRIMAULT AND CO.'S SYRUP OF HYPOPHOSPHITE OF LIME. GRIMAULT AND CO.'S MATICO CAPSULES AND INJECTIONS. GRIMAULT AND CO.'S INDIAN CIGARETTES. GRIMAULT AND CO.'S GUARANA. TONIC, RESTORATIVE, and digestive remedy is the best order, particularly suitable for FEEBLE SUBJECTS, CONVALESCENTS, OLD PEOPLE and CHILDREN. ASTHMA, BRONCHITIS, COUGHS, CHRONIC CATARRH, SLEEPLESSNESS, LOSS OF VOICE, FACIAL NEURALGIA, and INSOMNIA.

Printed and published by the NEW ZEALAND TIMES NEWSPAPER COMPANY (Limited), at their Registered Office, Willis-street, Wellington.—WEDNESDAY, JULY 21, 1875.
